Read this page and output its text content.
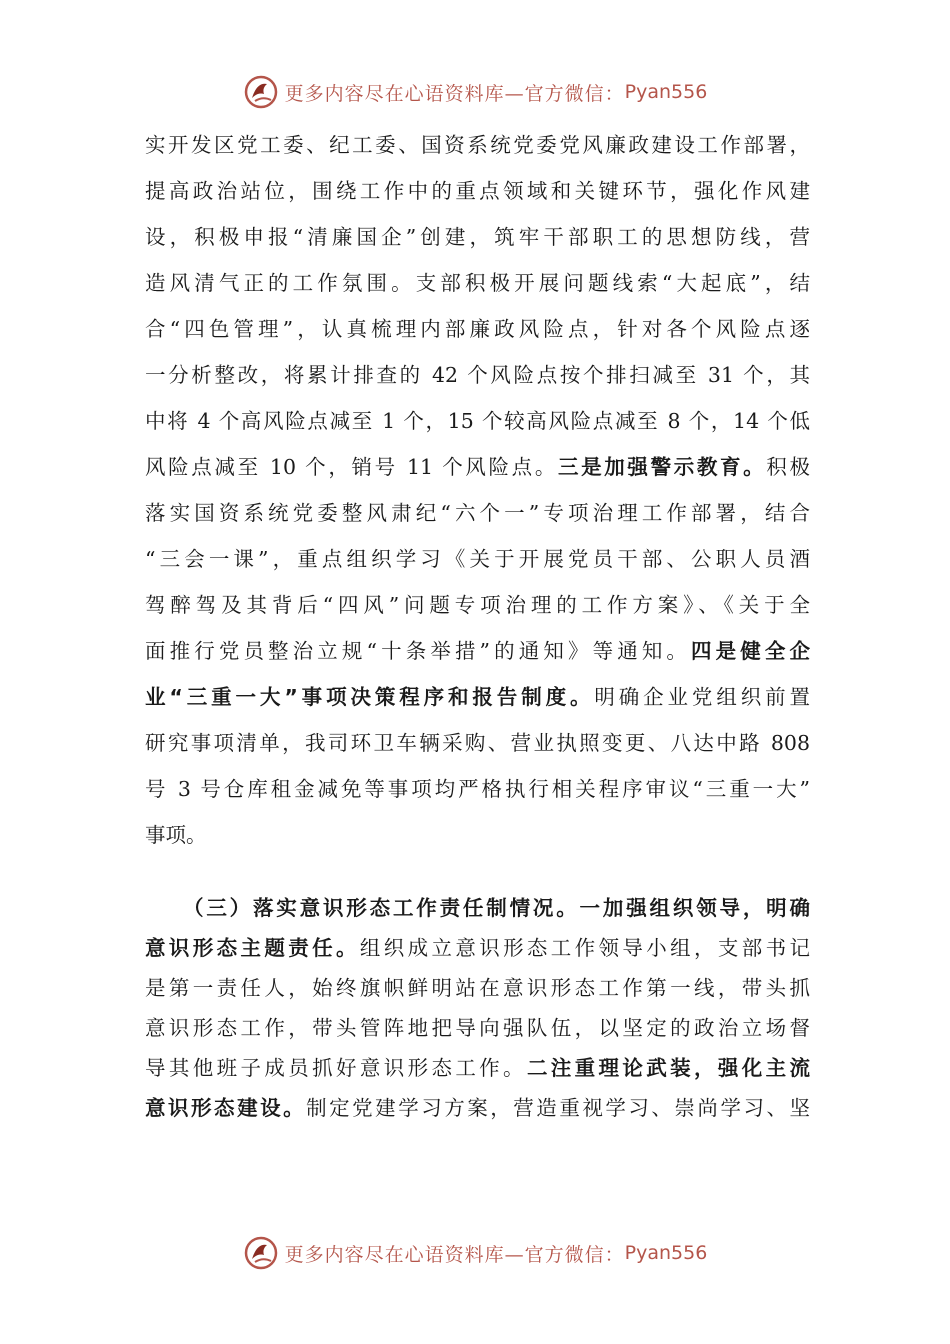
更多内容尽在心语资料库—官方微信： Pyan556
实开发区党工委、纪工委、国资系统党委党风廉政建设工作部署，
提高政治站位，围绕工作中的重点领域和关键环节，强化作风建
设，积极申报“清廉国企”创建，筑牢干部职工的思想防线，营
造风清气正的工作氛围。支部积极开展问题线索“大起底”，结
合“四色管理”，认真梳理内部廉政风险点，针对各个风险点逐
一分析整改，将累计排查的 42 个风险点按个排扫减至 31 个，其
中将 4 个高风险点减至 1 个，15 个较高风险点减至 8 个，14 个低
风险点减至 10 个，销号 11 个风险点。三是加强警示教育。积极
落实国资系统党委整风肃纪“六个一”专项治理工作部署，结合
“三会一课”，重点组织学习《关于开展党员干部、公职人员酒
驾醉驾及其背后“四风”问题专项治理的工作方案》、《关于全
面推行党员整治立规“十条举措”的通知》等通知。四是健全企
业“三重一大”事项决策程序和报告制度。明确企业党组织前置
研究事项清单，我司环卫车辆采购、营业执照变更、八达中路 808
号 3 号仓库租金减免等事项均严格执行相关程序审议“三重一大”
事项。
（三）落实意识形态工作责任制情况。一加强组织领导，明确
意识形态主题责任。组织成立意识形态工作领导小组，支部书记
是第一责任人，始终旗帜鲜明站在意识形态工作第一线，带头抓
意识形态工作，带头管阵地把导向强队伍，以坚定的政治立场督
导其他班子成员抓好意识形态工作。二注重理论武装，强化主流
意识形态建设。制定党建学习方案，营造重视学习、崇尚学习、坚
更多内容尽在心语资料库—官方微信： Pyan556
